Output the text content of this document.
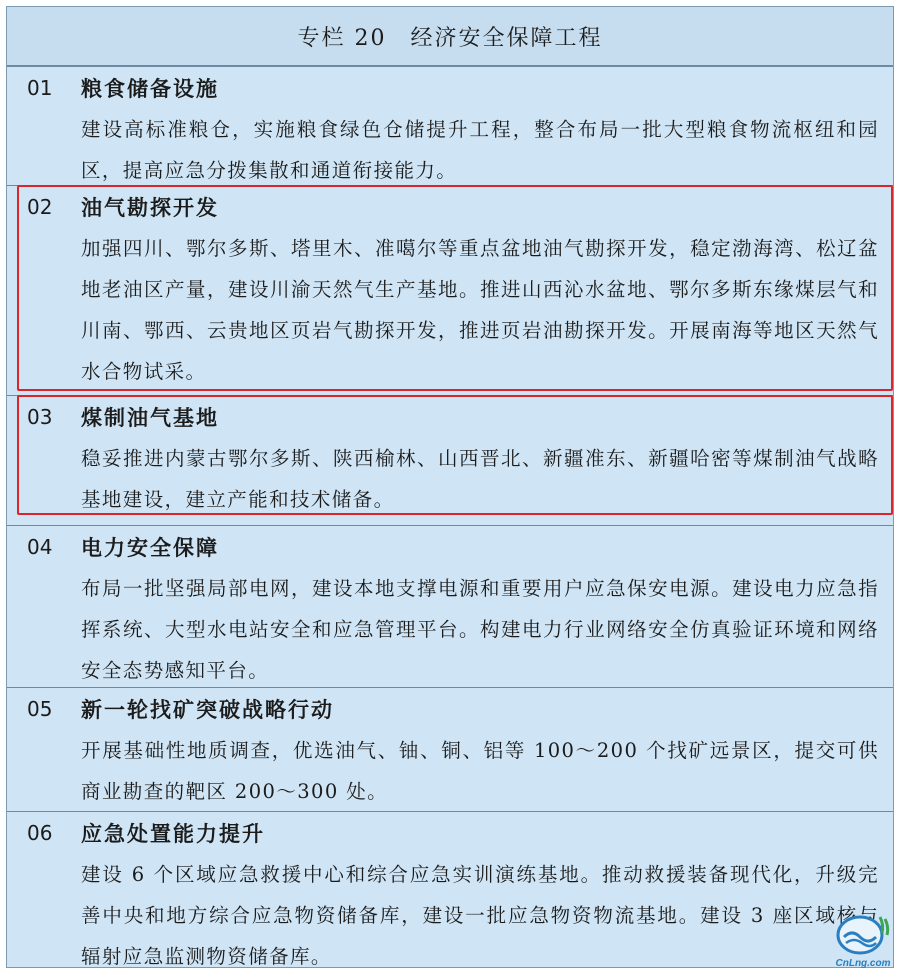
专栏 20　经济安全保障工程
01	粮食储备设施
建设高标准粮仓，实施粮食绿色仓储提升工程，整合布局一批大型粮食物流枢纽和园区，提高应急分拨集散和通道衔接能力。
02	油气勘探开发
加强四川、鄂尔多斯、塔里木、准噶尔等重点盆地油气勘探开发，稳定渤海湾、松辽盆地老油区产量，建设川渝天然气生产基地。推进山西沁水盆地、鄂尔多斯东缘煤层气和川南、鄂西、云贵地区页岩气勘探开发，推进页岩油勘探开发。开展南海等地区天然气水合物试采。
03	煤制油气基地
稳妥推进内蒙古鄂尔多斯、陕西榆林、山西晋北、新疆准东、新疆哈密等煤制油气战略基地建设，建立产能和技术储备。
04	电力安全保障
布局一批坚强局部电网，建设本地支撑电源和重要用户应急保安电源。建设电力应急指挥系统、大型水电站安全和应急管理平台。构建电力行业网络安全仿真验证环境和网络安全态势感知平台。
05	新一轮找矿突破战略行动
开展基础性地质调查，优选油气、铀、铜、铝等 100～200 个找矿远景区，提交可供商业勘查的靶区 200～300 处。
06	应急处置能力提升
建设 6 个区域应急救援中心和综合应急实训演练基地。推动救援装备现代化，升级完善中央和地方综合应急物资储备库，建设一批应急物资物流基地。建设 3 座区域核与辐射应急监测物资储备库。	CnLng.com
